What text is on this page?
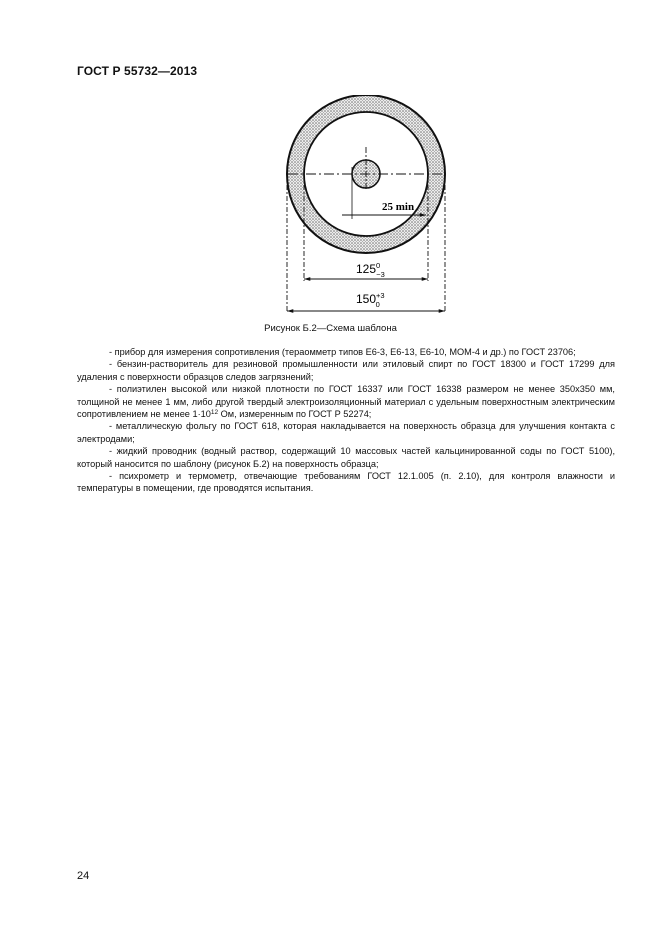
ГОСТ Р 55732—2013
25 min
$125^0 -3$
$150^{+3}$ 0
Рисунок Б.2—Схема шаблона

- прибор для измерения сопротивления (тераомметр типов Е6-3, Е6-13, Е6-10, МОМ-4 и др.) по ГОСТ 23706;

- бензин-растворитель для резиновой промышленности или этиловый спирт по ГОСТ 18300 и ГОСТ 17299 для удаления с поверхности образцов следов загрязнений;

- полиэтилен высокой или низкой плотности по ГОСТ 16337 или ГОСТ 16338 размером не менее 350х350 мм, толщиной не менее 1 мм, либо другой твердый электроизоляционный материал с удельным поверхностным электрическим сопротивлением не менее $1\cdot 10^{12}$ Ом, измеренным по ГОСТ Р 52274;

- металлическую фольгу по ГОСТ 618, которая накладывается на поверхность образца для улучшения контакта с электродами;

- жидкий проводник (водный раствор, содержащий 10 массовых частей кальцинированной соды по ГОСТ 5100), который наносится по шаблону (рисунок Б.2) на поверхность образца;

- психрометр и термометр, отвечающие требованиям ГОСТ 12.1.005 (п. 2.10), для контроля влажности и температуры в помещении, где проводятся испытания.

24
